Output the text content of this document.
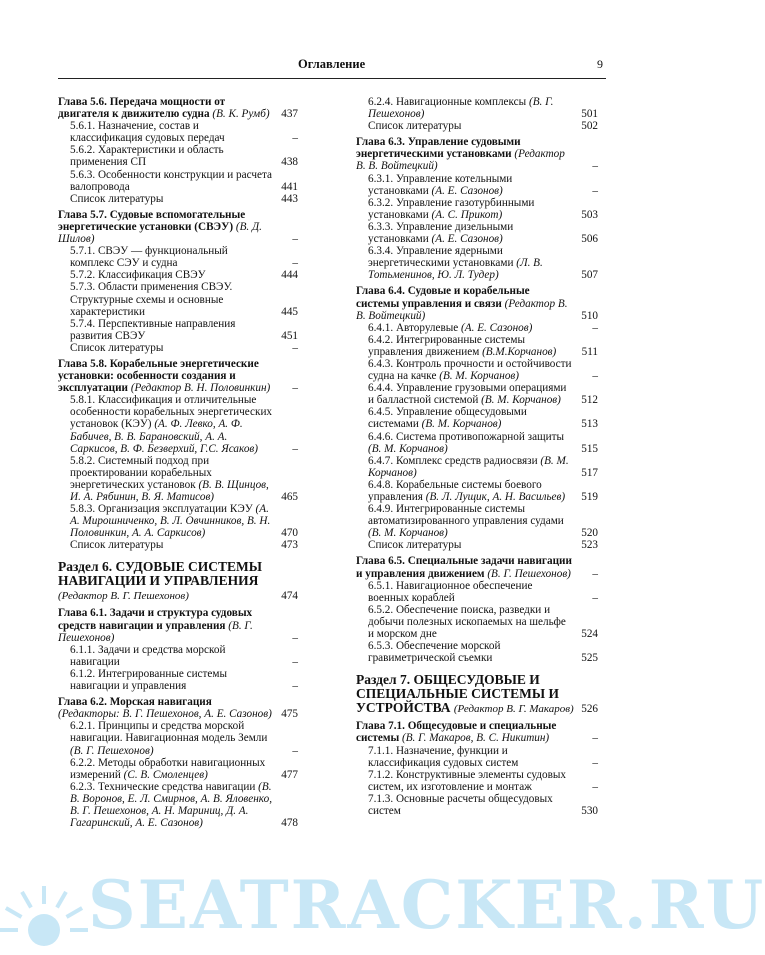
Оглавление	9
Глава 5.6. Передача мощности от двигателя к движителю судна (В. К. Румб) 437
5.6.1. Назначение, состав и классификация судовых передач	–
5.6.2. Характеристики и область применения СП	438
5.6.3. Особенности конструкции и расчета валопровода	441
Список литературы	443
Глава 5.7. Судовые вспомогательные энергетические установки (СВЭУ) (В. Д. Шилов)	–
5.7.1. СВЭУ — функциональный комплекс СЭУ и судна	–
5.7.2. Классификация СВЭУ	444
5.7.3. Области применения СВЭУ. Структурные схемы и основные характеристики	445
5.7.4. Перспективные направления развития СВЭУ	451
Список литературы	–
Глава 5.8. Корабельные энергетические установки: особенности создания и эксплуатации (Редактор В. Н. Половинкин) –
5.8.1. Классификация и отличительные особенности корабельных энергетических установок (КЭУ) (А. Ф. Левко, А. Ф. Бабичев, В. В. Барановский, А. А. Саркисов, В. Ф. Безверхий, Г.С. Ясаков)	–
5.8.2. Системный подход при проектировании корабельных энергетических установок (В. В. Щинцов, И. А. Рябинин, В. Я. Матисов)	465
5.8.3. Организация эксплуатации КЭУ (А. А. Мирошниченко, В. Л. Овчинников, В. Н. Половинкин, А. А. Саркисов)	470
Список литературы	473
Раздел 6. СУДОВЫЕ СИСТЕМЫ НАВИГАЦИИ И УПРАВЛЕНИЯ (Редактор В. Г. Пешехонов)	474
Глава 6.1. Задачи и структура судовых средств навигации и управления (В. Г. Пешехонов)	–
6.1.1. Задачи и средства морской навигации	–
6.1.2. Интегрированные системы навигации и управления	–
Глава 6.2. Морская навигация (Редакторы: В. Г. Пешехонов, А. Е. Сазонов) 475
6.2.1. Принципы и средства морской навигации. Навигационная модель Земли (В. Г. Пешехонов)	–
6.2.2. Методы обработки навигационных измерений (С. В. Смоленцев)	477
6.2.3. Технические средства навигации (В. В. Воронов, Е. Л. Смирнов, А. В. Яловенко, В. Г. Пешехонов, А. Н. Мариниц, Д. А. Гагаринский, А. Е. Сазонов)	478
6.2.4. Навигационные комплексы (В. Г. Пешехонов)	501
Список литературы	502
Глава 6.3. Управление судовыми энергетическими установками (Редактор В. В. Войтецкий)	–
6.3.1. Управление котельными установками (А. Е. Сазонов)	–
6.3.2. Управление газотурбинными установками (А. С. Прикот)	503
6.3.3. Управление дизельными установками (А. Е. Сазонов)	506
6.3.4. Управление ядерными энергетическими установками (Л. В. Тотьменинов, Ю. Л. Тудер)	507
Глава 6.4. Судовые и корабельные системы управления и связи (Редактор В. В. Войтецкий)	510
6.4.1. Авторулевые (А. Е. Сазонов)	–
6.4.2. Интегрированные системы управления движением (В.М.Корчанов) 511
6.4.3. Контроль прочности и остойчивости судна на качке (В. М. Корчанов)	–
6.4.4. Управление грузовыми операциями и балластной системой (В. М. Корчанов) 512
6.4.5. Управление общесудовыми системами (В. М. Корчанов)	513
6.4.6. Система противопожарной защиты (В. М. Корчанов)	515
6.4.7. Комплекс средств радиосвязи (В. М. Корчанов)	517
6.4.8. Корабельные системы боевого управления (В. Л. Лущик, А. Н. Васильев) 519
6.4.9. Интегрированные системы автоматизированного управления судами (В. М. Корчанов)	520
Список литературы	523
Глава 6.5. Специальные задачи навигации и управления движением (В. Г. Пешехонов) –
6.5.1. Навигационное обеспечение военных кораблей	–
6.5.2. Обеспечение поиска, разведки и добычи полезных ископаемых на шельфе и морском дне	524
6.5.3. Обеспечение морской гравиметрической съемки	525
Раздел 7. ОБЩЕСУДОВЫЕ И СПЕЦИАЛЬНЫЕ СИСТЕМЫ И УСТРОЙСТВА (Редактор В. Г. Макаров) 526
Глава 7.1. Общесудовые и специальные системы (В. Г. Макаров, В. С. Никитин)	–
7.1.1. Назначение, функции и классификация судовых систем	–
7.1.2. Конструктивные элементы судовых систем, их изготовление и монтаж	–
7.1.3. Основные расчеты общесудовых систем	530
SEATRACKER.RU
